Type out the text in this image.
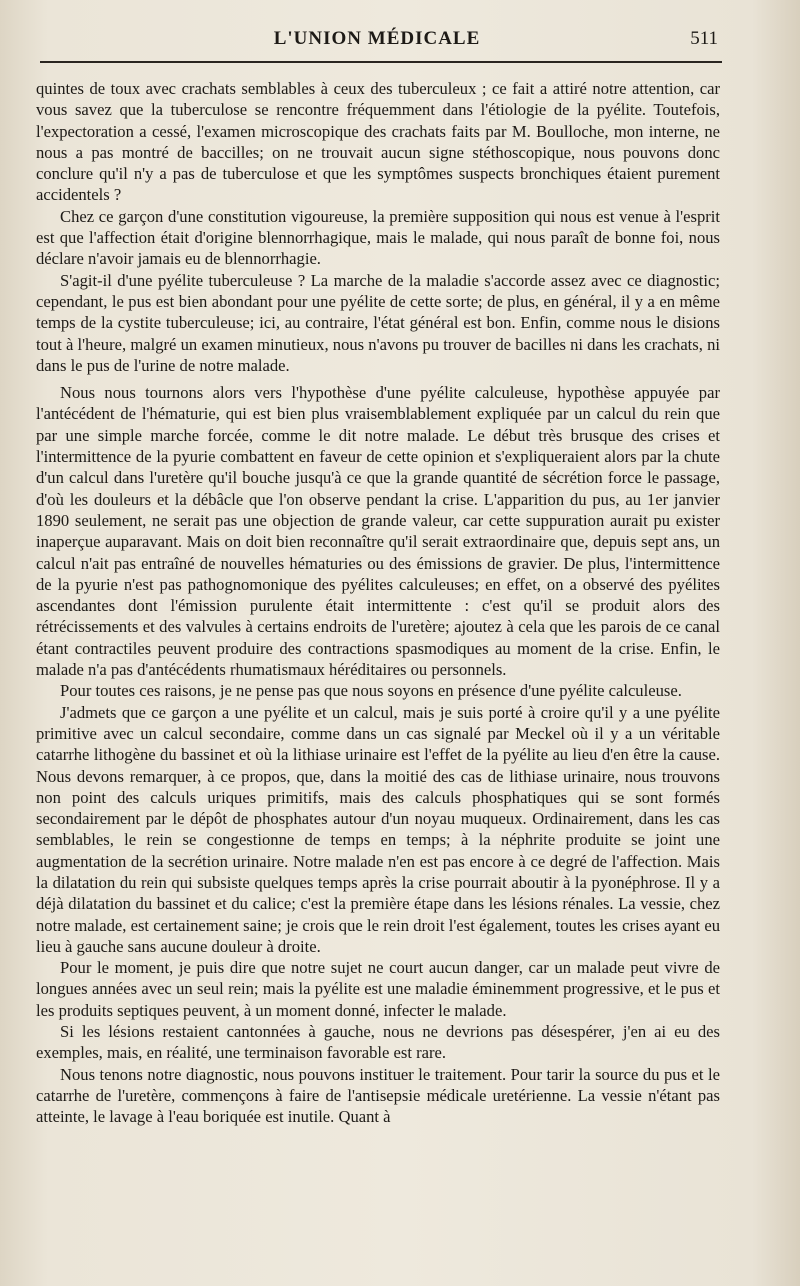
L'UNION MÉDICALE	511

quintes de toux avec crachats semblables à ceux des tuberculeux ; ce fait a attiré notre attention, car vous savez que la tuberculose se rencontre fréquemment dans l'étiologie de la pyélite. Toutefois, l'expectoration a cessé, l'examen microscopique des crachats faits par M. Boulloche, mon interne, ne nous a pas montré de baccilles; on ne trouvait aucun signe stéthoscopique, nous pouvons donc conclure qu'il n'y a pas de tuberculose et que les symptômes suspects bronchiques étaient purement accidentels ?

Chez ce garçon d'une constitution vigoureuse, la première supposition qui nous est venue à l'esprit est que l'affection était d'origine blennorrhagique, mais le malade, qui nous paraît de bonne foi, nous déclare n'avoir jamais eu de blennorrhagie.

S'agit-il d'une pyélite tuberculeuse ? La marche de la maladie s'accorde assez avec ce diagnostic; cependant, le pus est bien abondant pour une pyélite de cette sorte; de plus, en général, il y a en même temps de la cystite tuberculeuse; ici, au contraire, l'état général est bon. Enfin, comme nous le disions tout à l'heure, malgré un examen minutieux, nous n'avons pu trouver de bacilles ni dans les crachats, ni dans le pus de l'urine de notre malade.

Nous nous tournons alors vers l'hypothèse d'une pyélite calculeuse, hypothèse appuyée par l'antécédent de l'hématurie, qui est bien plus vraisemblablement expliquée par un calcul du rein que par une simple marche forcée, comme le dit notre malade. Le début très brusque des crises et l'intermittence de la pyurie combattent en faveur de cette opinion et s'expliqueraient alors par la chute d'un calcul dans l'uretère qu'il bouche jusqu'à ce que la grande quantité de sécrétion force le passage, d'où les douleurs et la débâcle que l'on observe pendant la crise. L'apparition du pus, au 1er janvier 1890 seulement, ne serait pas une objection de grande valeur, car cette suppuration aurait pu exister inaperçue auparavant. Mais on doit bien reconnaître qu'il serait extraordinaire que, depuis sept ans, un calcul n'ait pas entraîné de nouvelles hématuries ou des émissions de gravier. De plus, l'intermittence de la pyurie n'est pas pathognomonique des pyélites calculeuses; en effet, on a observé des pyélites ascendantes dont l'émission purulente était intermittente : c'est qu'il se produit alors des rétrécissements et des valvules à certains endroits de l'uretère; ajoutez à cela que les parois de ce canal étant contractiles peuvent produire des contractions spasmodiques au moment de la crise. Enfin, le malade n'a pas d'antécédents rhumatismaux héréditaires ou personnels.

Pour toutes ces raisons, je ne pense pas que nous soyons en présence d'une pyélite calculeuse.

J'admets que ce garçon a une pyélite et un calcul, mais je suis porté à croire qu'il y a une pyélite primitive avec un calcul secondaire, comme dans un cas signalé par Meckel où il y a un véritable catarrhe lithogène du bassinet et où la lithiase urinaire est l'effet de la pyélite au lieu d'en être la cause. Nous devons remarquer, à ce propos, que, dans la moitié des cas de lithiase urinaire, nous trouvons non point des calculs uriques primitifs, mais des calculs phosphatiques qui se sont formés secondairement par le dépôt de phosphates autour d'un noyau muqueux. Ordinairement, dans les cas semblables, le rein se congestionne de temps en temps; à la néphrite produite se joint une augmentation de la secrétion urinaire. Notre malade n'en est pas encore à ce degré de l'affection. Mais la dilatation du rein qui subsiste quelques temps après la crise pourrait aboutir à la pyonéphrose. Il y a déjà dilatation du bassinet et du calice; c'est la première étape dans les lésions rénales. La vessie, chez notre malade, est certainement saine; je crois que le rein droit l'est également, toutes les crises ayant eu lieu à gauche sans aucune douleur à droite.

Pour le moment, je puis dire que notre sujet ne court aucun danger, car un malade peut vivre de longues années avec un seul rein; mais la pyélite est une maladie éminemment progressive, et le pus et les produits septiques peuvent, à un moment donné, infecter le malade.

Si les lésions restaient cantonnées à gauche, nous ne devrions pas désespérer, j'en ai eu des exemples, mais, en réalité, une terminaison favorable est rare.

Nous tenons notre diagnostic, nous pouvons instituer le traitement. Pour tarir la source du pus et le catarrhe de l'uretère, commençons à faire de l'antisepsie médicale uretérienne. La vessie n'étant pas atteinte, le lavage à l'eau boriquée est inutile. Quant à
